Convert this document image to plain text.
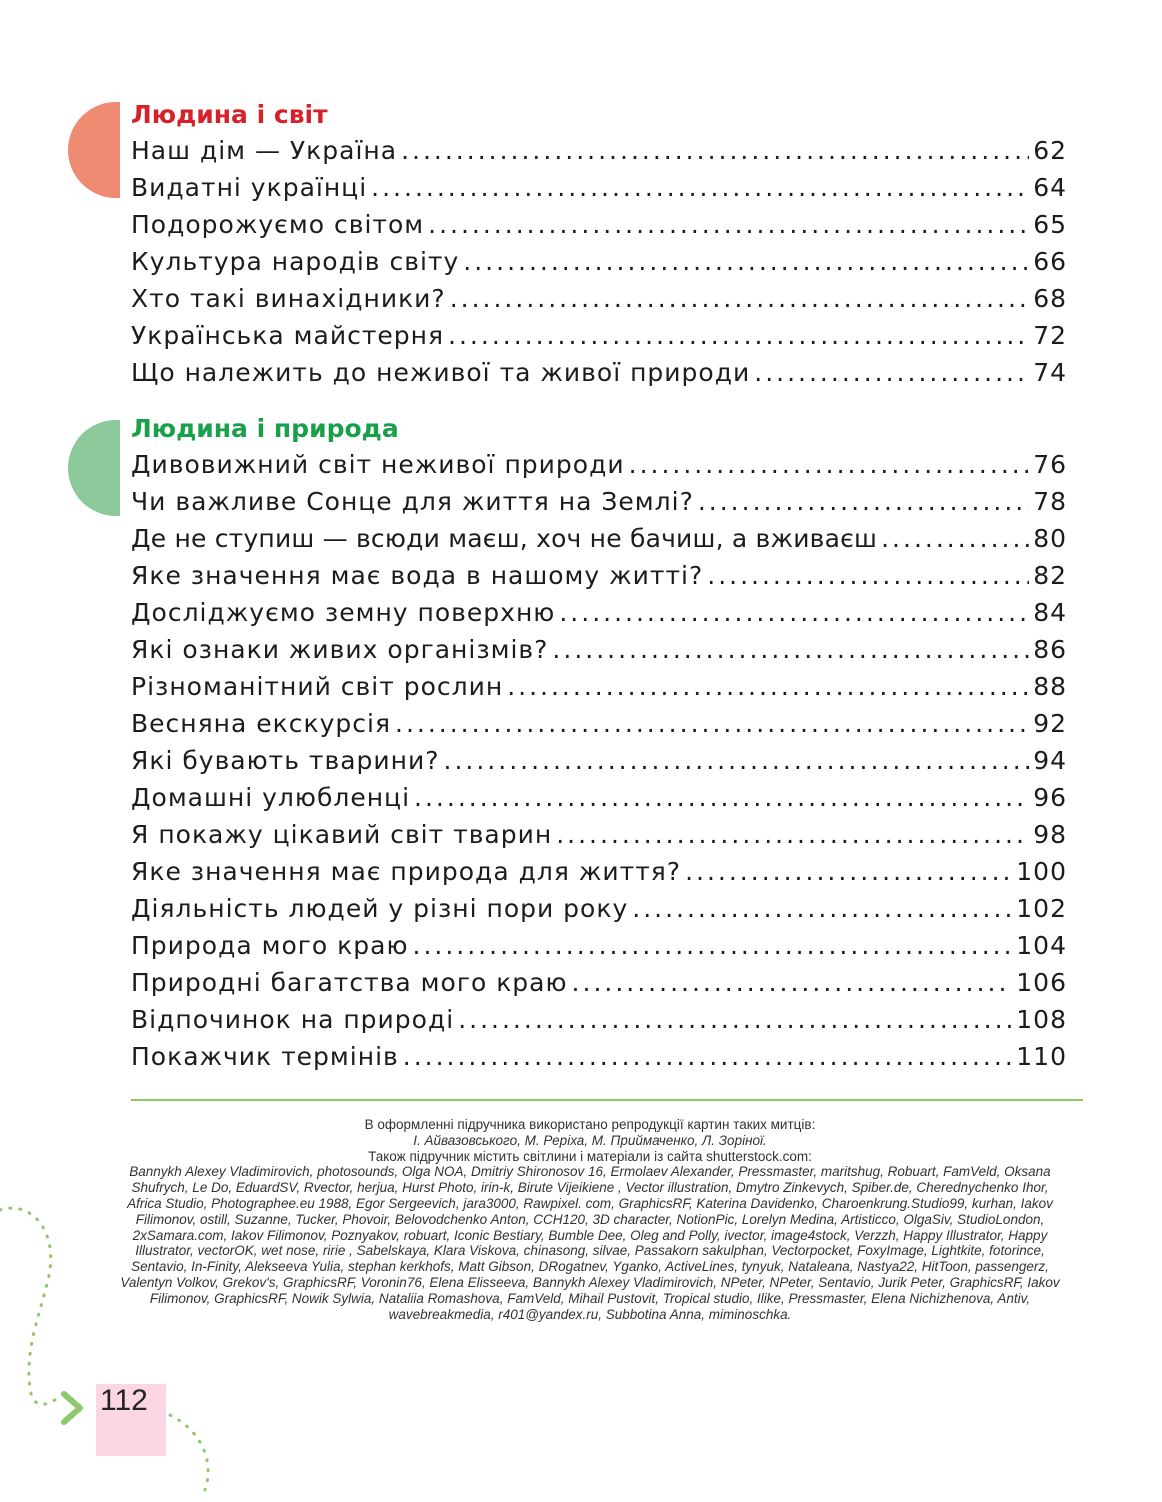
Людина і світ
Наш дім — Україна .....	62
Видатні українці .....	64
Подорожуємо світом .....	65
Культура народів світу .....	66
Хто такі винахідники? .....	68
Українська майстерня .....	72
Що належить до неживої та живої природи .....	74
Людина і природа
Дивовижний світ неживої природи .....	76
Чи важливе Сонце для життя на Землі? .....	78
Де не ступиш — всюди маєш, хоч не бачиш, а вживаєш .....	80
Яке значення має вода в нашому житті? .....	82
Досліджуємо земну поверхню .....	84
Які ознаки живих організмів? .....	86
Різноманітний світ рослин .....	88
Весняна екскурсія .....	92
Які бувають тварини? .....	94
Домашні улюбленці .....	96
Я покажу цікавий світ тварин .....	98
Яке значення має природа для життя? .....	100
Діяльність людей у різні пори року .....	102
Природа мого краю .....	104
Природні багатства мого краю .....	106
Відпочинок на природі .....	108
Покажчик термінів .....	110

В оформленні підручника використано репродукції картин таких митців:

І. Айвазовського, М. Реріха, М. Приймаченко, Л. Зоріної.

Також підручник містить світлини і матеріали із сайта shutterstock.com:

Bannykh Alexey Vladimirovich, photosounds, Olga NOA, Dmitriy Shironosov 16, Ermolaev Alexander, Pressmaster, maritshug, Robuart, FamVeld, Oksana Shufrych, Le Do, EduardSV, Rvector, herjua, Hurst Photo, irin-k, Birute Vijeikiene , Vector illustration, Dmytro Zinkevych, Spiber.de, Cherednychenko Ihor, Africa Studio, Photographee.eu 1988, Egor Sergeevich, jara3000, Rawpixel. com, GraphicsRF, Katerina Davidenko, Charoenkrung.Studio99, kurhan, Iakov Filimonov, ostill, Suzanne, Tucker, Phovoir, Belovodchenko Anton, CCH120, 3D character, NotionPic, Lorelyn Medina, Artisticco, OlgaSiv, StudioLondon, 2xSamara.com, Iakov Filimonov, Poznyakov, robuart, Iconic Bestiary, Bumble Dee, Oleg and Polly, ivector, image4stock, Verzzh, Happy Illustrator, Happy Illustrator, vectorOK, wet nose, ririe , Sabelskaya, Klara Viskova, chinasong, silvae, Passakorn sakulphan, Vectorpocket, FoxyImage, Lightkite, fotorince, Sentavio, In-Finity, Alekseeva Yulia, stephan kerkhofs, Matt Gibson, DRogatnev, Yganko, ActiveLines, tynyuk, Nataleana, Nastya22, HitToon, passengerz, Valentyn Volkov, Grekov's, GraphicsRF, Voronin76, Elena Elisseeva, Bannykh Alexey Vladimirovich, NPeter, NPeter, Sentavio, Jurik Peter, GraphicsRF, Iakov Filimonov, GraphicsRF, Nowik Sylwia, Nataliia Romashova, FamVeld, Mihail Pustovit, Tropical studio, Ilike, Pressmaster, Elena Nichizhenova, Antiv, wavebreakmedia, r401@yandex.ru, Subbotina Anna, miminoschka.

112
